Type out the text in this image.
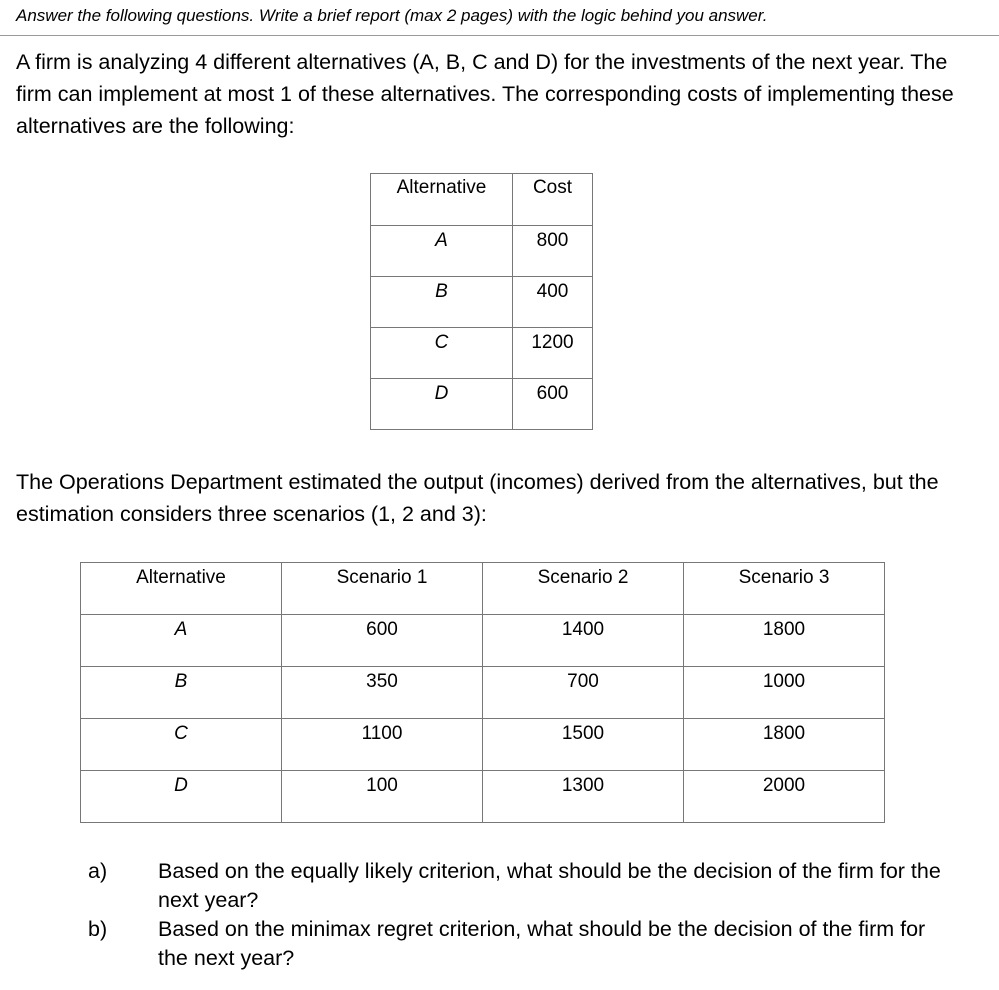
Answer the following questions. Write a brief report (max 2 pages) with the logic behind you answer.
A firm is analyzing 4 different alternatives (A, B, C and D) for the investments of the next year. The firm can implement at most 1 of these alternatives. The corresponding costs of implementing these alternatives are the following:
Alternative	Cost
A	800
B	400
C	1200
D	600
The Operations Department estimated the output (incomes) derived from the alternatives, but the estimation considers three scenarios (1, 2 and 3):
Alternative	Scenario 1	Scenario 2	Scenario 3
A	600	1400	1800
B	350	700	1000
C	1100	1500	1800
D	100	1300	2000
a) Based on the equally likely criterion, what should be the decision of the firm for the next year?
b) Based on the minimax regret criterion, what should be the decision of the firm for the next year?
